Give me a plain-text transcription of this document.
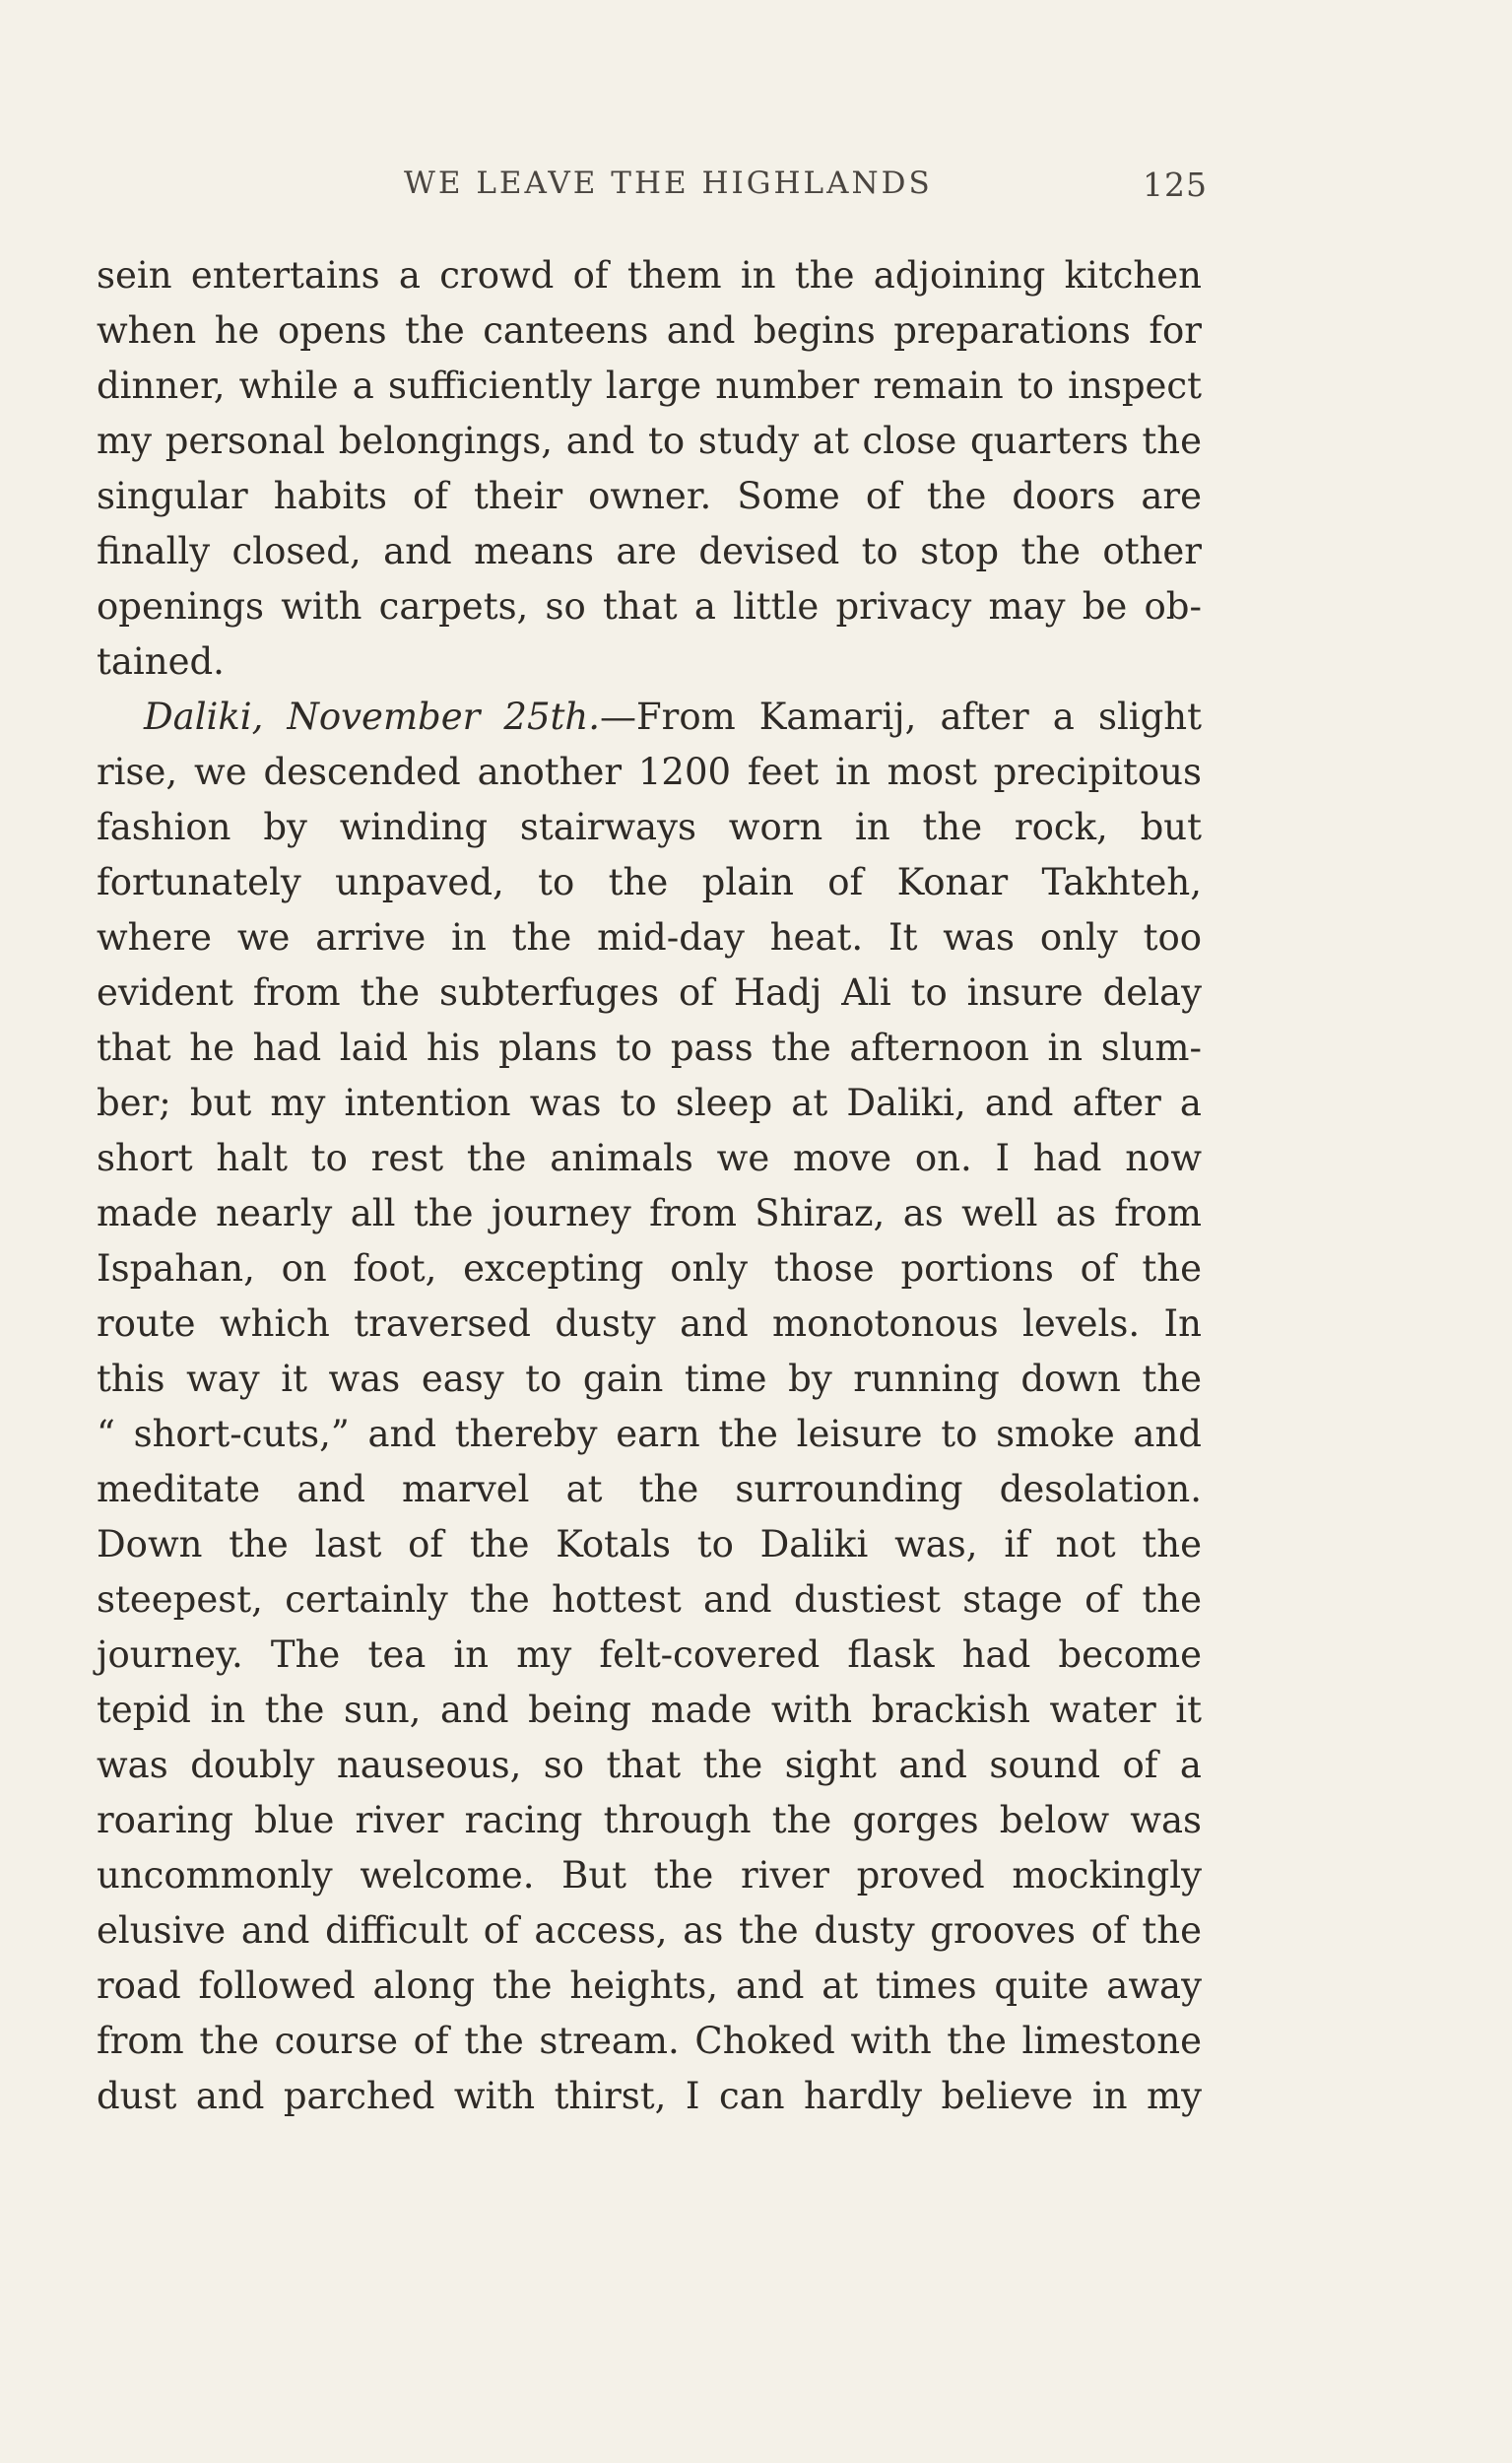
WE LEAVE THE HIGHLANDS	125
sein entertains a crowd of them in the adjoining kitchen
when he opens the canteens and begins preparations for
dinner, while a sufficiently large number remain to inspect
my personal belongings, and to study at close quarters the
singular habits of their owner. Some of the doors are
finally closed, and means are devised to stop the other
openings with carpets, so that a little privacy may be ob-
tained.
Daliki, November 25th.—From Kamarij, after a slight
rise, we descended another 1200 feet in most precipitous
fashion by winding stairways worn in the rock, but
fortunately unpaved, to the plain of Konar Takhteh,
where we arrive in the mid-day heat. It was only too
evident from the subterfuges of Hadj Ali to insure delay
that he had laid his plans to pass the afternoon in slum-
ber; but my intention was to sleep at Daliki, and after a
short halt to rest the animals we move on. I had now
made nearly all the journey from Shiraz, as well as from
Ispahan, on foot, excepting only those portions of the
route which traversed dusty and monotonous levels. In
this way it was easy to gain time by running down the
“ short-cuts,” and thereby earn the leisure to smoke and
meditate and marvel at the surrounding desolation.
Down the last of the Kotals to Daliki was, if not the
steepest, certainly the hottest and dustiest stage of the
journey. The tea in my felt-covered flask had become
tepid in the sun, and being made with brackish water it
was doubly nauseous, so that the sight and sound of a
roaring blue river racing through the gorges below was
uncommonly welcome. But the river proved mockingly
elusive and difficult of access, as the dusty grooves of the
road followed along the heights, and at times quite away
from the course of the stream. Choked with the limestone
dust and parched with thirst, I can hardly believe in my
